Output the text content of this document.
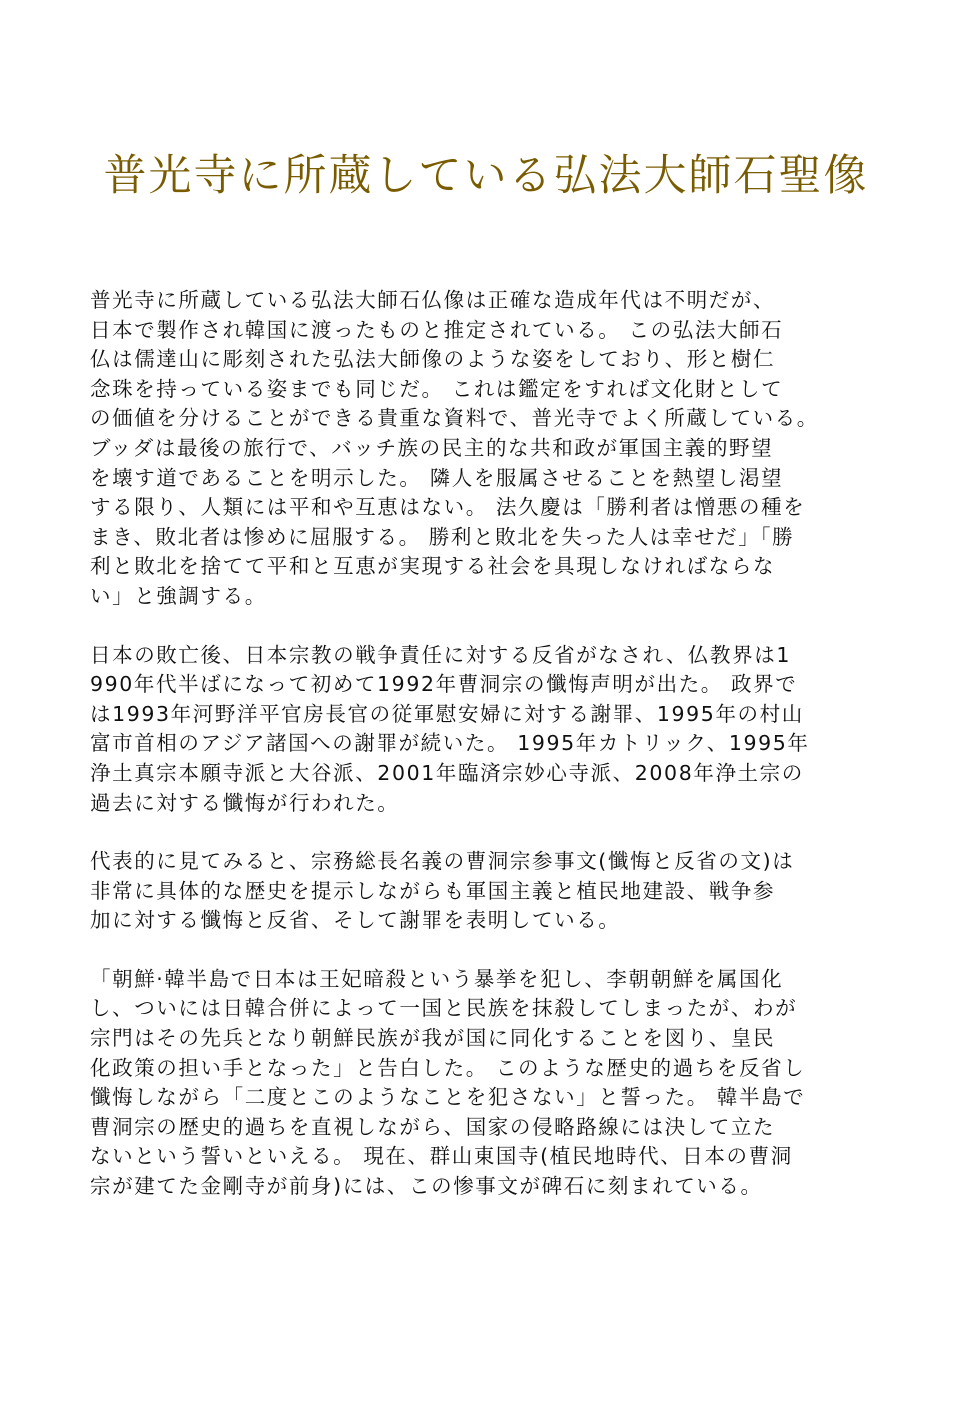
普光寺に所蔵している弘法大師石聖像
普光寺に所蔵している弘法大師石仏像は正確な造成年代は不明だが、
日本で製作され韓国に渡ったものと推定されている。 この弘法大師石
仏は儒達山に彫刻された弘法大師像のような姿をしており、形と樹仁
念珠を持っている姿までも同じだ。 これは鑑定をすれば文化財として
の価値を分けることができる貴重な資料で、普光寺でよく所蔵している。
ブッダは最後の旅行で、バッチ族の民主的な共和政が軍国主義的野望
を壊す道であることを明示した。 隣人を服属させることを熱望し渇望
する限り、人類には平和や互恵はない。 法久慶は「勝利者は憎悪の種を
まき、敗北者は惨めに屈服する。 勝利と敗北を失った人は幸せだ」「勝
利と敗北を捨てて平和と互恵が実現する社会を具現しなければならな
い」と強調する。
日本の敗亡後、日本宗教の戦争責任に対する反省がなされ、仏教界は1
990年代半ばになって初めて1992年曹洞宗の懺悔声明が出た。 政界で
は1993年河野洋平官房長官の従軍慰安婦に対する謝罪、1995年の村山
富市首相のアジア諸国への謝罪が続いた。 1995年カトリック、1995年
浄土真宗本願寺派と大谷派、2001年臨済宗妙心寺派、2008年浄土宗の
過去に対する懺悔が行われた。
代表的に見てみると、宗務総長名義の曹洞宗参事文(懺悔と反省の文)は
非常に具体的な歴史を提示しながらも軍国主義と植民地建設、戦争参
加に対する懺悔と反省、そして謝罪を表明している。
「朝鮮·韓半島で日本は王妃暗殺という暴挙を犯し、李朝朝鮮を属国化
し、ついには日韓合併によって一国と民族を抹殺してしまったが、わが
宗門はその先兵となり朝鮮民族が我が国に同化することを図り、皇民
化政策の担い手となった」と告白した。 このような歴史的過ちを反省し
懺悔しながら「二度とこのようなことを犯さない」と誓った。 韓半島で
曹洞宗の歴史的過ちを直視しながら、国家の侵略路線には決して立た
ないという誓いといえる。 現在、群山東国寺(植民地時代、日本の曹洞
宗が建てた金剛寺が前身)には、この惨事文が碑石に刻まれている。
